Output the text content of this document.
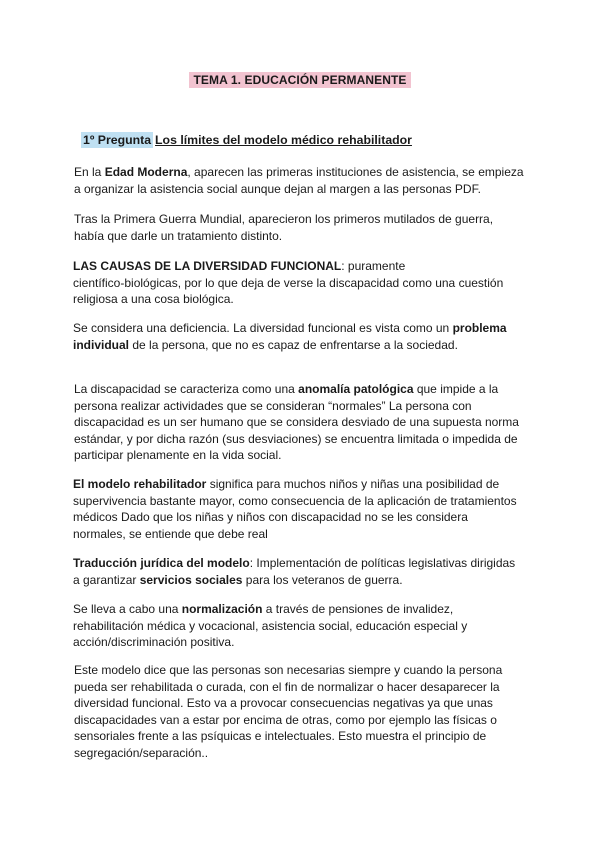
TEMA 1. EDUCACIÓN PERMANENTE
1º Pregunta Los límites del modelo médico rehabilitador
En la Edad Moderna, aparecen las primeras instituciones de asistencia, se empieza
a organizar la asistencia social aunque dejan al margen a las personas PDF.
Tras la Primera Guerra Mundial, aparecieron los primeros mutilados de guerra,
había que darle un tratamiento distinto.
LAS CAUSAS DE LA DIVERSIDAD FUNCIONAL: puramente
científico-biológicas, por lo que deja de verse la discapacidad como una cuestión
religiosa a una cosa biológica.
Se considera una deficiencia. La diversidad funcional es vista como un problema
individual de la persona, que no es capaz de enfrentarse a la sociedad.
La discapacidad se caracteriza como una anomalía patológica que impide a la
persona realizar actividades que se consideran “normales” La persona con
discapacidad es un ser humano que se considera desviado de una supuesta norma
estándar, y por dicha razón (sus desviaciones) se encuentra limitada o impedida de
participar plenamente en la vida social.
El modelo rehabilitador significa para muchos niños y niñas una posibilidad de
supervivencia bastante mayor, como consecuencia de la aplicación de tratamientos
médicos Dado que los niñas y niños con discapacidad no se les considera
normales, se entiende que debe real
Traducción jurídica del modelo: Implementación de políticas legislativas dirigidas
a garantizar servicios sociales para los veteranos de guerra.
Se lleva a cabo una normalización a través de pensiones de invalidez,
rehabilitación médica y vocacional, asistencia social, educación especial y
acción/discriminación positiva.
Este modelo dice que las personas son necesarias siempre y cuando la persona
pueda ser rehabilitada o curada, con el fin de normalizar o hacer desaparecer la
diversidad funcional. Esto va a provocar consecuencias negativas ya que unas
discapacidades van a estar por encima de otras, como por ejemplo las físicas o
sensoriales frente a las psíquicas e intelectuales. Esto muestra el principio de
segregación/separación..
